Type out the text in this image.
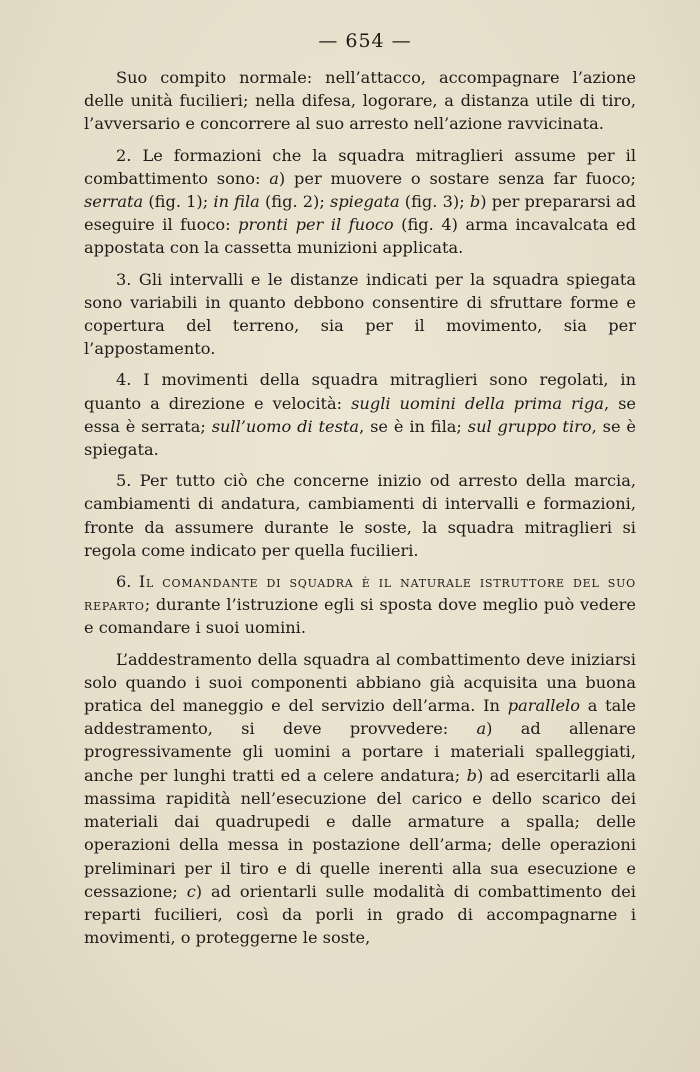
— 654 —

Suo compito normale: nell’attacco, accompagnare l’azione delle unità fucilieri; nella difesa, logorare, a distanza utile di tiro, l’avversario e concorrere al suo arresto nell’azione ravvicinata.

2. Le formazioni che la squadra mitraglieri assume per il combattimento sono: a) per muovere o sostare senza far fuoco; serrata (fig. 1); in fila (fig. 2); spiegata (fig. 3); b) per prepararsi ad eseguire il fuoco: pronti per il fuoco (fig. 4) arma incavalcata ed appostata con la cassetta munizioni applicata.

3. Gli intervalli e le distanze indicati per la squadra spiegata sono variabili in quanto debbono consentire di sfruttare forme e copertura del terreno, sia per il movimento, sia per l’appostamento.

4. I movimenti della squadra mitraglieri sono regolati, in quanto a direzione e velocità: sugli uomini della prima riga, se essa è serrata; sull’uomo di testa, se è in fila; sul gruppo tiro, se è spiegata.

5. Per tutto ciò che concerne inizio od arresto della marcia, cambiamenti di andatura, cambiamenti di intervalli e formazioni, fronte da assumere durante le soste, la squadra mitraglieri si regola come indicato per quella fucilieri.

6. Il comandante di squadra è il naturale istruttore del suo reparto; durante l’istruzione egli si sposta dove meglio può vedere e comandare i suoi uomini.

L’addestramento della squadra al combattimento deve iniziarsi solo quando i suoi componenti abbiano già acquisita una buona pratica del maneggio e del servizio dell’arma. In parallelo a tale addestramento, si deve provvedere: a) ad allenare progressivamente gli uomini a portare i materiali spalleggiati, anche per lunghi tratti ed a celere andatura; b) ad esercitarli alla massima rapidità nell’esecuzione del carico e dello scarico dei materiali dai quadrupedi e dalle armature a spalla; delle operazioni della messa in postazione dell’arma; delle operazioni preliminari per il tiro e di quelle inerenti alla sua esecuzione e cessazione; c) ad orientarli sulle modalità di combattimento dei reparti fucilieri, così da porli in grado di accompagnarne i movimenti, o proteggerne le soste,
